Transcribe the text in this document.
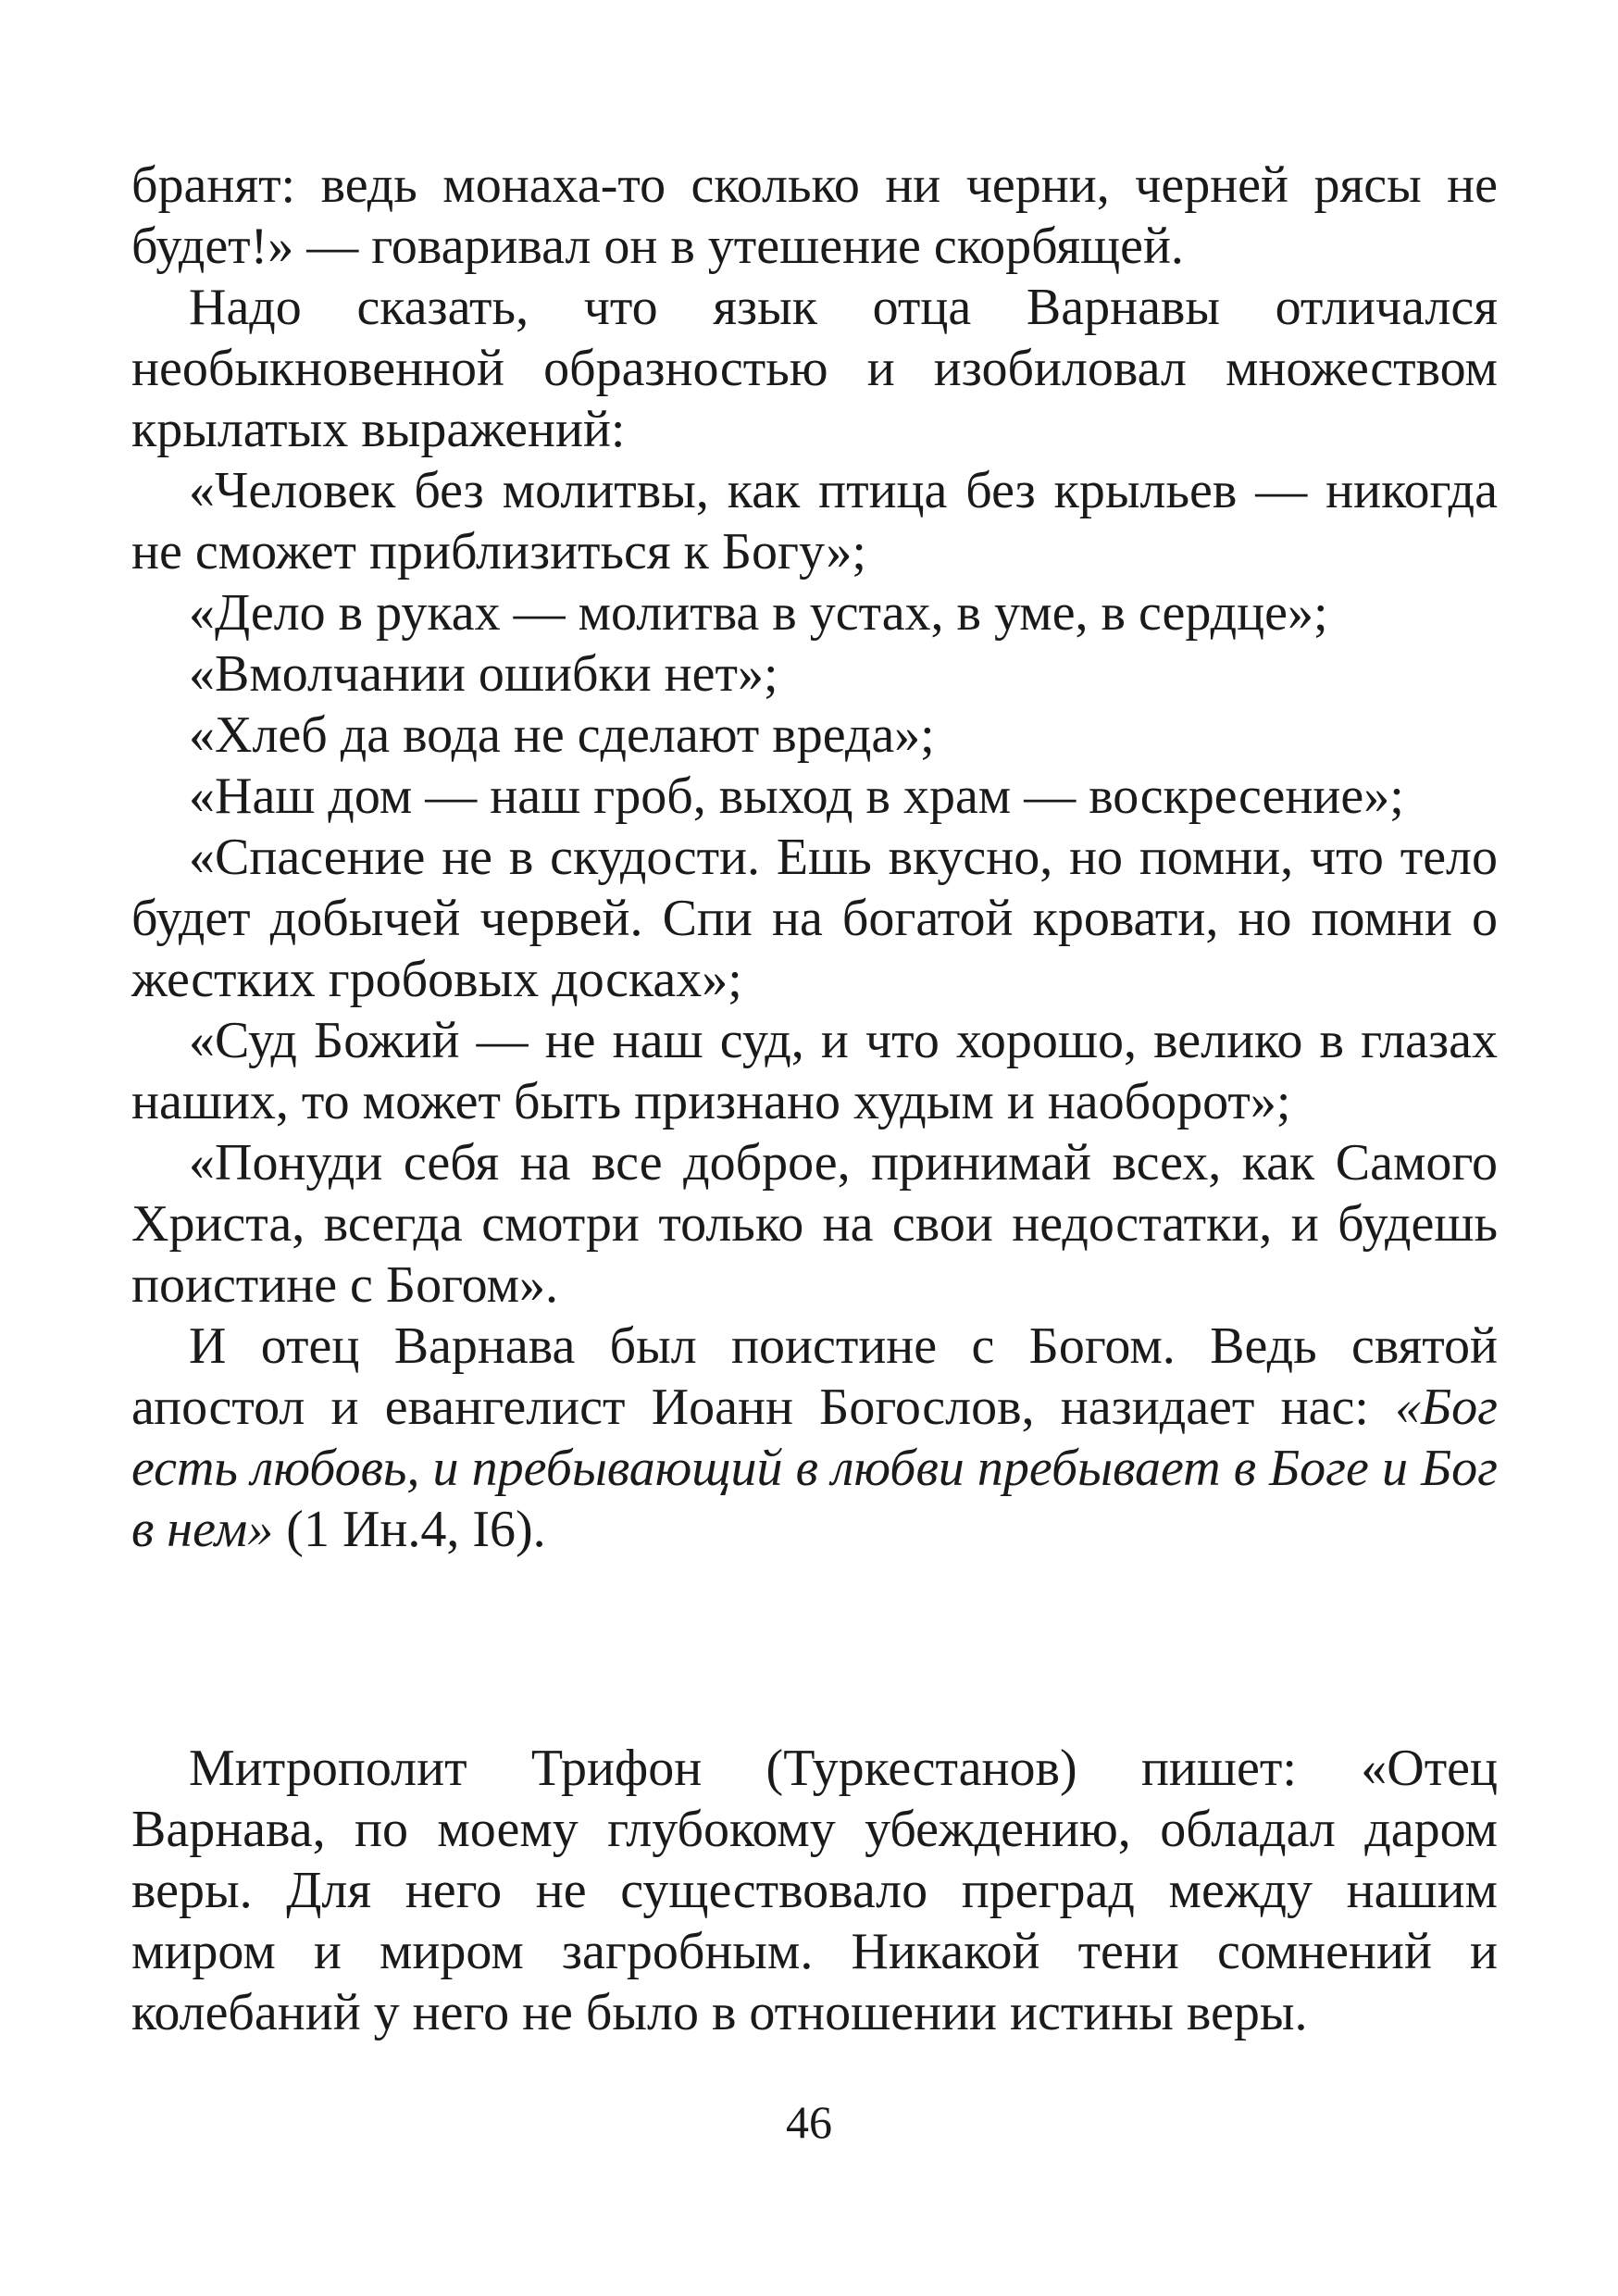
бранят: ведь монаха-то сколько ни черни, черней рясы не будет!» — говаривал он в утешение скорбящей.

Надо сказать, что язык отца Варнавы отличался необыкновенной образностью и изобиловал множеством крылатых выражений:

«Человек без молитвы, как птица без крыльев — никогда не сможет приблизиться к Богу»;

«Дело в руках — молитва в устах, в уме, в сердце»;

«Вмолчании ошибки нет»;

«Хлеб да вода не сделают вреда»;

«Наш дом — наш гроб, выход в храм — воскресение»;

«Спасение не в скудости. Ешь вкусно, но помни, что тело будет добычей червей. Спи на богатой кровати, но помни о жестких гробовых досках»;

«Суд Божий — не наш суд, и что хорошо, велико в глазах наших, то может быть признано худым и наоборот»;

«Понуди себя на все доброе, принимай всех, как Самого Христа, всегда смотри только на свои недостатки, и будешь поистине с Богом».

И отец Варнава был поистине с Богом. Ведь святой апостол и евангелист Иоанн Богослов, назидает нас: «Бог есть любовь, и пребывающий в любви пребывает в Боге и Бог в нем» (1 Ин.4, I6).

Митрополит Трифон (Туркестанов) пишет: «Отец Варнава, по моему глубокому убеждению, обладал даром веры. Для него не существовало преград между нашим миром и миром загробным. Никакой тени сомнений и колебаний у него не было в отношении истины веры.

46
